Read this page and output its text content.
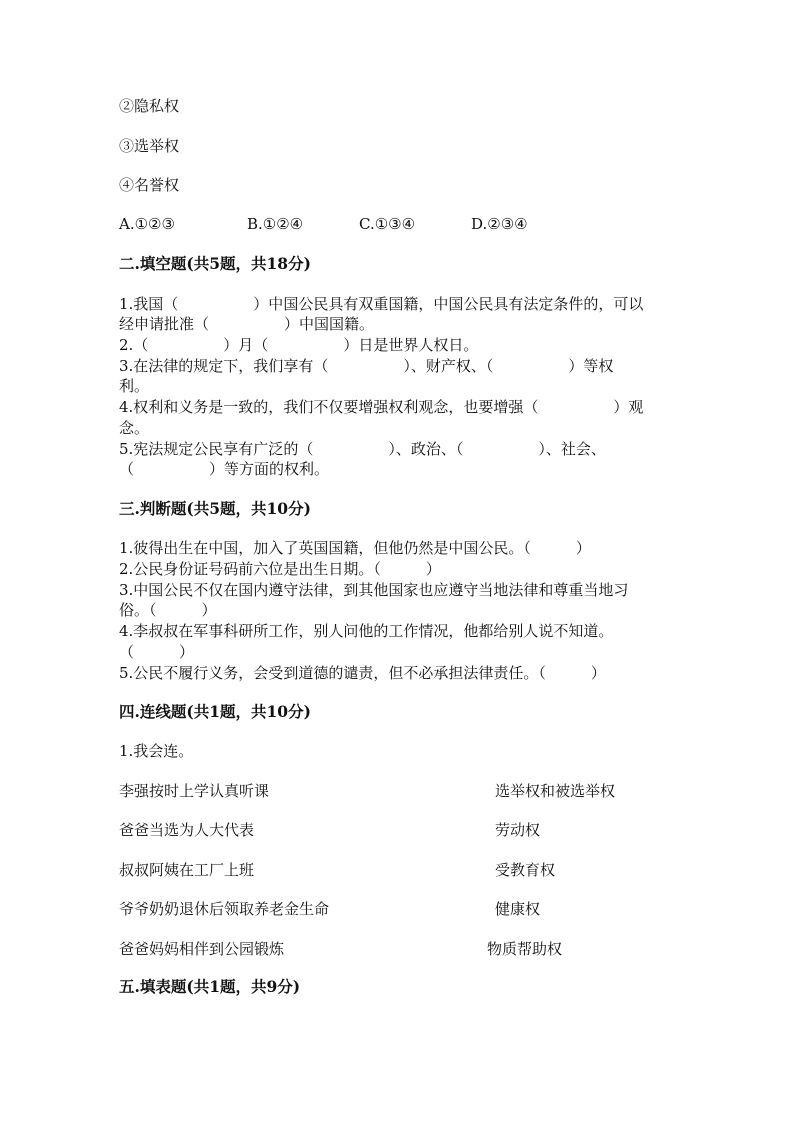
②隐私权
③选举权
④名誉权
A.①②③	B.①②④	C.①③④	D.②③④
二.填空题(共5题，共18分)
1.我国（　　　　　）中国公民具有双重国籍，中国公民具有法定条件的，可以
经申请批准（　　　　　）中国国籍。
2.（　　　　　）月（　　　　　）日是世界人权日。
3.在法律的规定下，我们享有（　　　　　）、财产权、（　　　　　）等权
利。
4.权利和义务是一致的，我们不仅要增强权利观念，也要增强（　　　　　）观
念。
5.宪法规定公民享有广泛的（　　　　　）、政治、（　　　　　）、社会、
（　　　　　）等方面的权利。
三.判断题(共5题，共10分)
1.彼得出生在中国，加入了英国国籍，但他仍然是中国公民。（　　　）
2.公民身份证号码前六位是出生日期。（　　　）
3.中国公民不仅在国内遵守法律，到其他国家也应遵守当地法律和尊重当地习
俗。（　　　）
4.李叔叔在军事科研所工作，别人问他的工作情况，他都给别人说不知道。
（　　　）
5.公民不履行义务，会受到道德的谴责，但不必承担法律责任。（　　　）
四.连线题(共1题，共10分)
1.我会连。
李强按时上学认真听课
爸爸当选为人大代表
叔叔阿姨在工厂上班
爷爷奶奶退休后领取养老金生命
爸爸妈妈相伴到公园锻炼
选举权和被选举权
劳动权
受教育权
健康权
物质帮助权
五.填表题(共1题，共9分)
